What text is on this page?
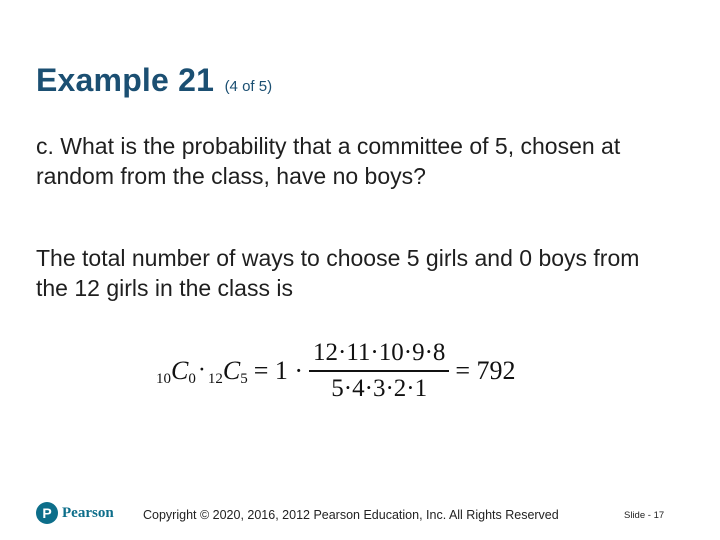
Example 21 (4 of 5)
c. What is the probability that a committee of 5, chosen at random from the class, have no boys?
The total number of ways to choose 5 girls and 0 boys from the 12 girls in the class is
10 C 0 · 12 C $5 = 1 \cdot \frac{12\cdot 11\cdot 10\cdot 9\cdot 8}{5\cdot 4\cdot 3\cdot 2\cdot 1} = 792$
P Pearson Copyright © 2020, 2016, 2012 Pearson Education, Inc. All Rights Reserved	Slide - 17
